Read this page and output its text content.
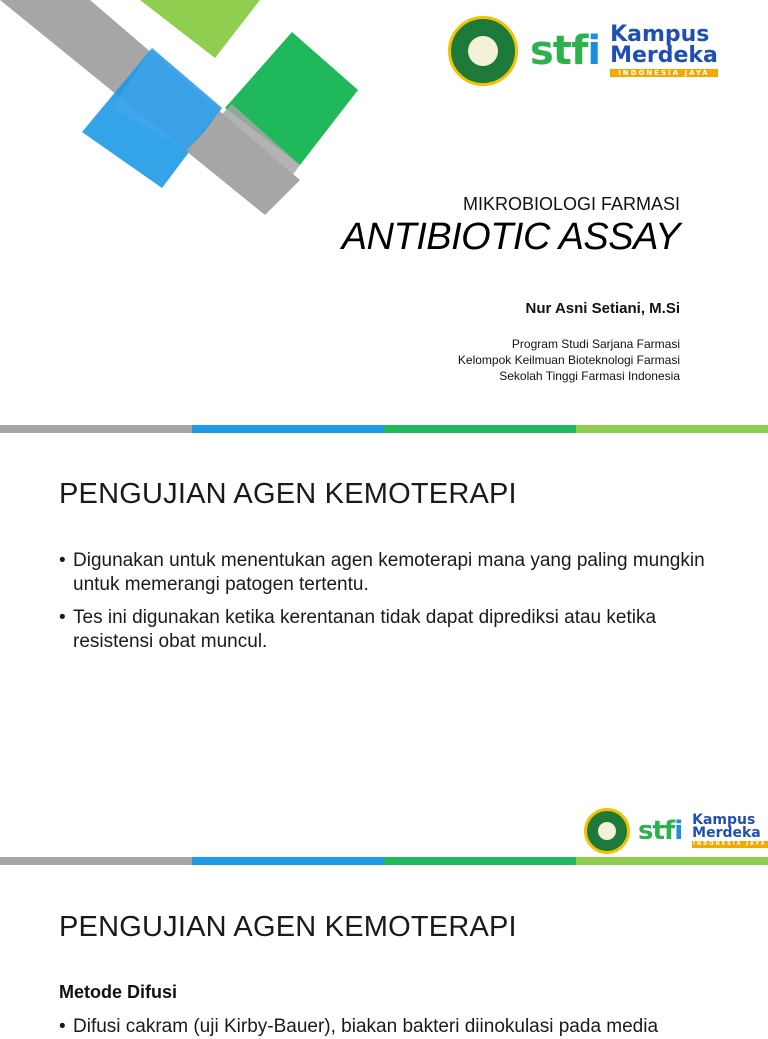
stfi Kampus
Merdeka
INDONESIA JAYA
MIKROBIOLOGI FARMASI
ANTIBIOTIC ASSAY
Nur Asni Setiani, M.Si
Program Studi Sarjana Farmasi
Kelompok Keilmuan Bioteknologi Farmasi
Sekolah Tinggi Farmasi Indonesia
PENGUJIAN AGEN KEMOTERAPI
• Digunakan untuk menentukan agen kemoterapi mana yang paling mungkin untuk memerangi patogen tertentu.
• Tes ini digunakan ketika kerentanan tidak dapat diprediksi atau ketika resistensi obat muncul.
stfi Kampus
Merdeka
INDONESIA JAYA
PENGUJIAN AGEN KEMOTERAPI
Metode Difusi
• Difusi cakram (uji Kirby-Bauer), biakan bakteri diinokulasi pada media
